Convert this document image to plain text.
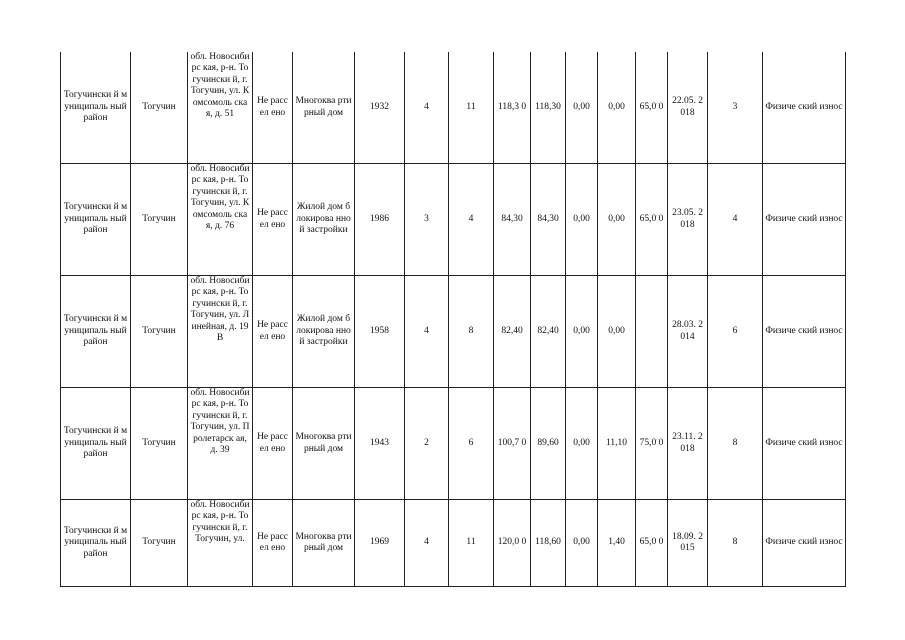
Тогучински й муниципаль ный район	Тогучин	обл. Новосибирс кая, р-н. Тогучински й, г. Тогучин, ул. Комсомоль ская, д. 51	Не рассел ено	Многоква ртирный дом	1932	4	11	118,3 0	118,30	0,00	0,00	65,0 0	22.05. 2018	3	Физиче ский износ
Тогучински й муниципаль ный район	Тогучин	обл. Новосибирс кая, р-н. Тогучински й, г. Тогучин, ул. Комсомоль ская, д. 76	Не рассел ено	Жилой дом блокирова нной застройки	1986	3	4	84,30	84,30	0,00	0,00	65,0 0	23.05. 2018	4	Физиче ский износ
Тогучински й муниципаль ный район	Тогучин	обл. Новосибирс кая, р-н. Тогучински й, г. Тогучин, ул. Линейная, д. 19В	Не рассел ено	Жилой дом блокирова нной застройки	1958	4	8	82,40	82,40	0,00	0,00		28.03. 2014	6	Физиче ский износ
Тогучински й муниципаль ный район	Тогучин	обл. Новосибирс кая, р-н. Тогучински й, г. Тогучин, ул. Пролетарск ая, д. 39	Не рассел ено	Многоква ртирный дом	1943	2	6	100,7 0	89,60	0,00	11,10	75,0 0	23.11. 2018	8	Физиче ский износ
Тогучински й муниципаль ный район	Тогучин	обл. Новосибирс кая, р-н. Тогучински й, г. Тогучин, ул.	Не рассел ено	Многоква ртирный дом	1969	4	11	120,0 0	118,60	0,00	1,40	65,0 0	18.09. 2015	8	Физиче ский износ
